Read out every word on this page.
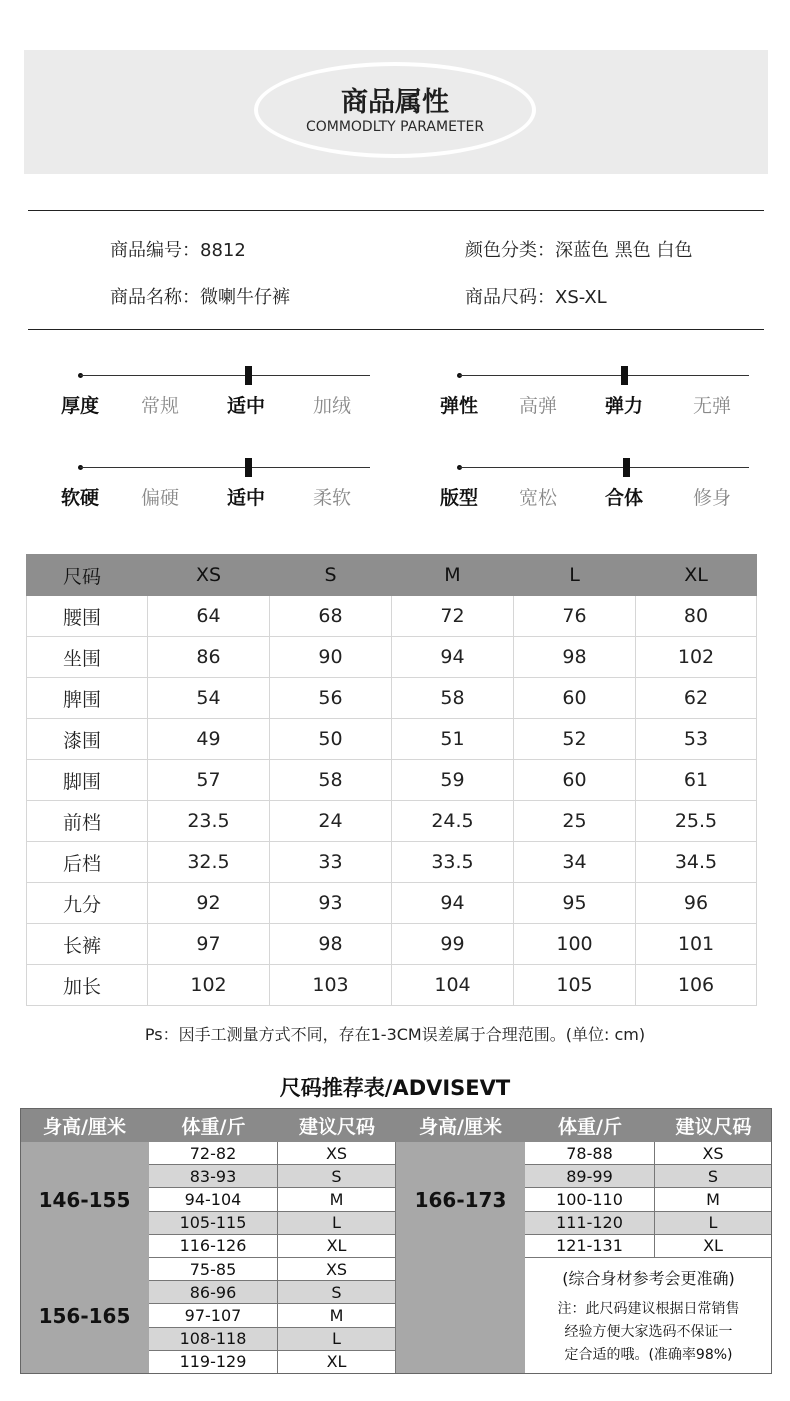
商品属性
COMMODLTY PARAMETER
商品编号：8812	颜色分类：深蓝色 黑色 白色
商品名称：微喇牛仔裤	商品尺码：XS-XL
厚度 常规	适中	加绒	弹性 高弹	弹力	无弹
软硬 偏硬	适中	柔软	版型 宽松	合体	修身
尺码	XS	S	M	L	XL
腰围	64	68	72	76	80
坐围	86	90	94	98	102
脾围	54	56	58	60	62
漆围	49	50	51	52	53
脚围	57	58	59	60	61
前档	23.5	24	24.5	25	25.5
后档	32.5	33	33.5	34	34.5
九分	92	93	94	95	96
长裤	97	98	99	100	101
加长	102	103	104	105	106
Ps：因手工测量方式不同，存在1-3CM误差属于合理范围。(单位: cm)
尺码推荐表/ADVISEVT
身高/厘米	体重/斤	建议尺码	身高/厘米	体重/斤	建议尺码
146-155
72-82	XS
83-93	S
94-104	M
105-115	L
116-126	XL
156-165
75-85	XS
86-96	S
97-107	M
108-118	L
119-129	XL
166-173
78-88	XS
89-99	S
100-110	M
111-120	L
121-131	XL
(综合身材参考会更准确)
注：此尺码建议根据日常销售
经验方便大家选码不保证一
定合适的哦。(准确率98%)
